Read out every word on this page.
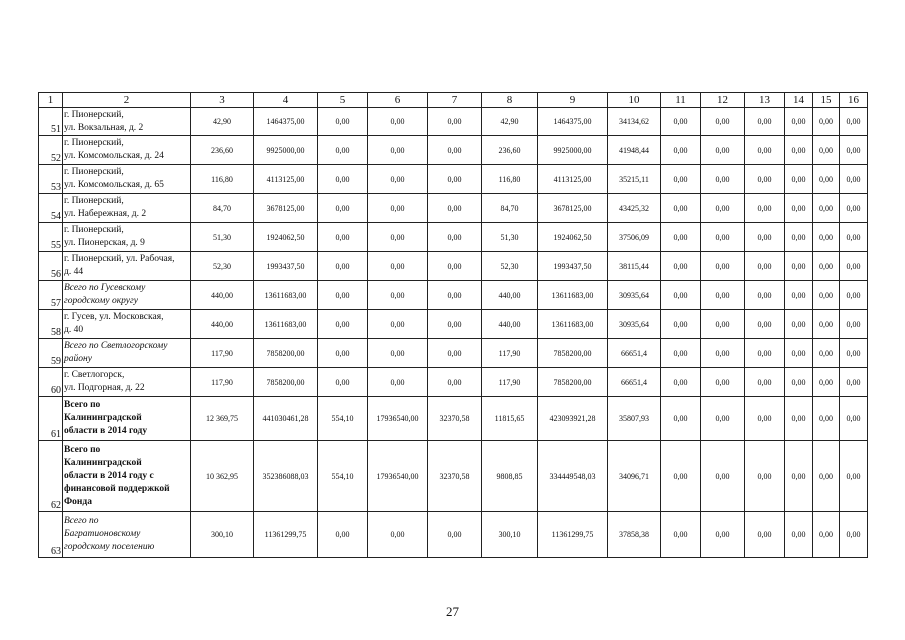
1	2	3	4	5	6	7	8	9	10	11	12	13	14	15	16
51	г. Пионерский,
ул. Вокзальная, д. 2	42,90	1464375,00	0,00	0,00	0,00	42,90	1464375,00	34134,62	0,00	0,00	0,00	0,00	0,00	0,00
52	г. Пионерский,
ул. Комсомольская, д. 24	236,60	9925000,00	0,00	0,00	0,00	236,60	9925000,00	41948,44	0,00	0,00	0,00	0,00	0,00	0,00
53	г. Пионерский,
ул. Комсомольская, д. 65	116,80	4113125,00	0,00	0,00	0,00	116,80	4113125,00	35215,11	0,00	0,00	0,00	0,00	0,00	0,00
54	г. Пионерский,
ул. Набережная, д. 2	84,70	3678125,00	0,00	0,00	0,00	84,70	3678125,00	43425,32	0,00	0,00	0,00	0,00	0,00	0,00
55	г. Пионерский,
ул. Пионерская, д. 9	51,30	1924062,50	0,00	0,00	0,00	51,30	1924062,50	37506,09	0,00	0,00	0,00	0,00	0,00	0,00
56	г. Пионерский, ул. Рабочая,
д. 44	52,30	1993437,50	0,00	0,00	0,00	52,30	1993437,50	38115,44	0,00	0,00	0,00	0,00	0,00	0,00
57	Всего по Гусевскому
городскому округу	440,00	13611683,00	0,00	0,00	0,00	440,00	13611683,00	30935,64	0,00	0,00	0,00	0,00	0,00	0,00
58	г. Гусев, ул. Московская,
д. 40	440,00	13611683,00	0,00	0,00	0,00	440,00	13611683,00	30935,64	0,00	0,00	0,00	0,00	0,00	0,00
59	Всего по Светлогорскому
району	117,90	7858200,00	0,00	0,00	0,00	117,90	7858200,00	66651,4	0,00	0,00	0,00	0,00	0,00	0,00
60	г. Светлогорск,
ул. Подгорная, д. 22	117,90	7858200,00	0,00	0,00	0,00	117,90	7858200,00	66651,4	0,00	0,00	0,00	0,00	0,00	0,00
61	Всего по
Калининградской
области в 2014 году	12 369,75	441030461,28	554,10	17936540,00	32370,58	11815,65	423093921,28	35807,93	0,00	0,00	0,00	0,00	0,00	0,00
62	Всего по
Калининградской
области в 2014 году с
финансовой поддержкой
Фонда	10 362,95	352386088,03	554,10	17936540,00	32370,58	9808,85	334449548,03	34096,71	0,00	0,00	0,00	0,00	0,00	0,00
63	Всего по
Багратионовскому
городскому поселению	300,10	11361299,75	0,00	0,00	0,00	300,10	11361299,75	37858,38	0,00	0,00	0,00	0,00	0,00	0,00
27
